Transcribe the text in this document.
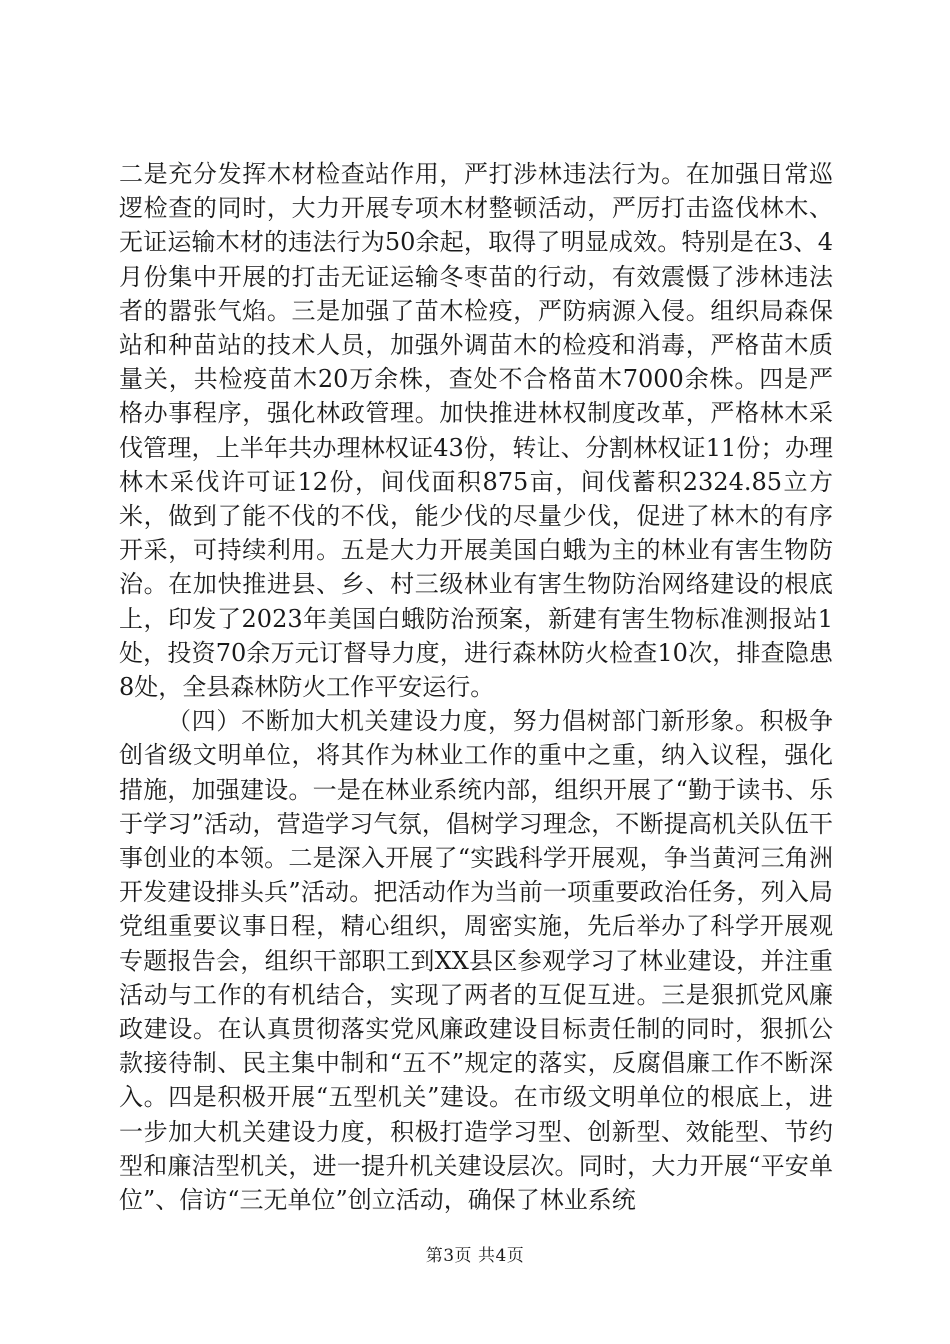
二是充分发挥木材检查站作用，严打涉林违法行为。在加强日常巡逻检查的同时，大力开展专项木材整顿活动，严厉打击盗伐林木、无证运输木材的违法行为50余起，取得了明显成效。特别是在3、4月份集中开展的打击无证运输冬枣苗的行动，有效震慑了涉林违法者的嚣张气焰。三是加强了苗木检疫，严防病源入侵。组织局森保站和种苗站的技术人员，加强外调苗木的检疫和消毒，严格苗木质量关，共检疫苗木20万余株，查处不合格苗木7000余株。四是严格办事程序，强化林政管理。加快推进林权制度改革，严格林木采伐管理，上半年共办理林权证43份，转让、分割林权证11份；办理林木采伐许可证12份，间伐面积875亩，间伐蓄积2324.85立方米，做到了能不伐的不伐，能少伐的尽量少伐，促进了林木的有序开采，可持续利用。五是大力开展美国白蛾为主的林业有害生物防治。在加快推进县、乡、村三级林业有害生物防治网络建设的根底上，印发了2023年美国白蛾防治预案，新建有害生物标准测报站1处，投资70余万元订督导力度，进行森林防火检查10次，排查隐患8处，全县森林防火工作平安运行。

（四）不断加大机关建设力度，努力倡树部门新形象。积极争创省级文明单位，将其作为林业工作的重中之重，纳入议程，强化措施，加强建设。一是在林业系统内部，组织开展了“勤于读书、乐于学习”活动，营造学习气氛，倡树学习理念，不断提高机关队伍干事创业的本领。二是深入开展了“实践科学开展观，争当黄河三角洲开发建设排头兵”活动。把活动作为当前一项重要政治任务，列入局党组重要议事日程，精心组织，周密实施，先后举办了科学开展观专题报告会，组织干部职工到XX县区参观学习了林业建设，并注重活动与工作的有机结合，实现了两者的互促互进。三是狠抓党风廉政建设。在认真贯彻落实党风廉政建设目标责任制的同时，狠抓公款接待制、民主集中制和“五不”规定的落实，反腐倡廉工作不断深入。四是积极开展“五型机关”建设。在市级文明单位的根底上，进一步加大机关建设力度，积极打造学习型、创新型、效能型、节约型和廉洁型机关，进一提升机关建设层次。同时，大力开展“平安单位”、信访“三无单位”创立活动，确保了林业系统

第3页 共4页
